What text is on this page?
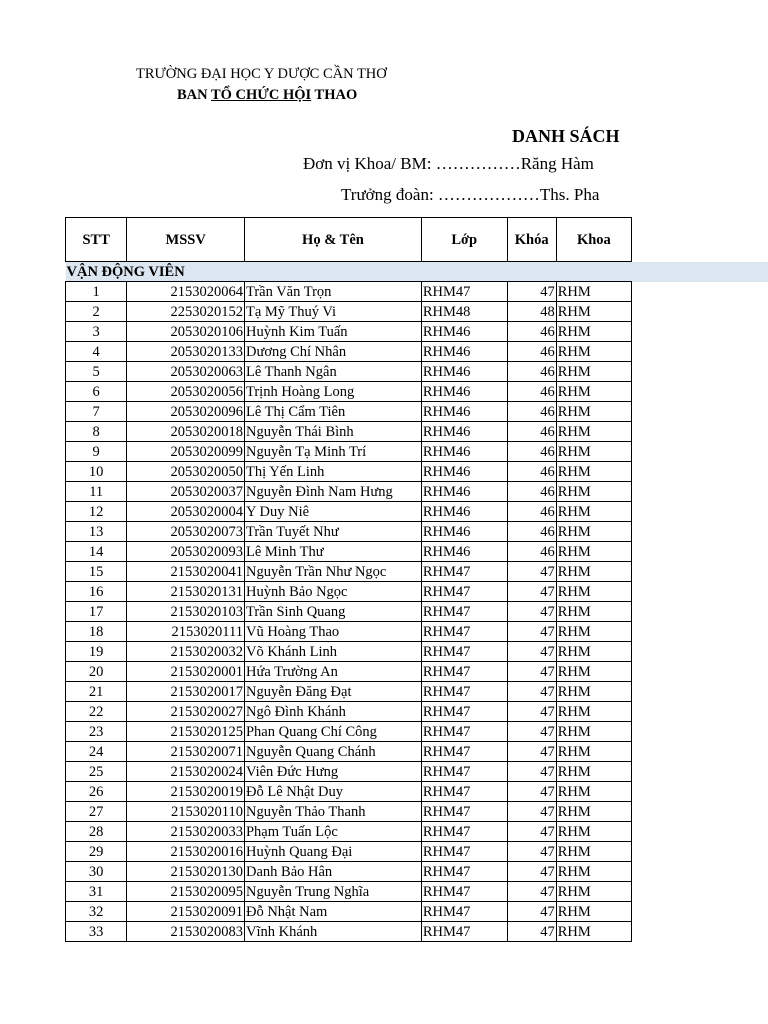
TRƯỜNG ĐẠI HỌC Y DƯỢC CẦN THƠ
BAN TỔ CHỨC HỘI THAO
DANH SÁCH
Đơn vị Khoa/ BM: ……………Răng Hàm
Trưởng đoàn: ………………Ths. Pha
STT	MSSV	Họ & Tên	Lớp	Khóa	Khoa
VẬN ĐỘNG VIÊN					
1	2153020064	Trần Văn Trọn	RHM47	47	RHM
2	2253020152	Tạ Mỹ Thuý Vi	RHM48	48	RHM
3	2053020106	Huỳnh Kim Tuấn	RHM46	46	RHM
4	2053020133	Dương Chí Nhân	RHM46	46	RHM
5	2053020063	Lê Thanh Ngân	RHM46	46	RHM
6	2053020056	Trịnh Hoàng Long	RHM46	46	RHM
7	2053020096	Lê Thị Cẩm Tiên	RHM46	46	RHM
8	2053020018	Nguyễn Thái Bình	RHM46	46	RHM
9	2053020099	Nguyễn Tạ Minh Trí	RHM46	46	RHM
10	2053020050	Thị Yến Linh	RHM46	46	RHM
11	2053020037	Nguyễn Đình Nam Hưng	RHM46	46	RHM
12	2053020004	Y Duy Niê	RHM46	46	RHM
13	2053020073	Trần Tuyết Như	RHM46	46	RHM
14	2053020093	Lê Minh Thư	RHM46	46	RHM
15	2153020041	Nguyễn Trần Như Ngọc	RHM47	47	RHM
16	2153020131	Huỳnh Bảo Ngọc	RHM47	47	RHM
17	2153020103	Trần Sinh Quang	RHM47	47	RHM
18	2153020111	Vũ Hoàng Thao	RHM47	47	RHM
19	2153020032	Võ Khánh Linh	RHM47	47	RHM
20	2153020001	Hứa Trường An	RHM47	47	RHM
21	2153020017	Nguyễn Đăng Đạt	RHM47	47	RHM
22	2153020027	Ngô Đình Khánh	RHM47	47	RHM
23	2153020125	Phan Quang Chí Công	RHM47	47	RHM
24	2153020071	Nguyễn Quang Chánh	RHM47	47	RHM
25	2153020024	Viên Đức Hưng	RHM47	47	RHM
26	2153020019	Đỗ Lê Nhật Duy	RHM47	47	RHM
27	2153020110	Nguyễn Thảo Thanh	RHM47	47	RHM
28	2153020033	Phạm Tuấn Lộc	RHM47	47	RHM
29	2153020016	Huỳnh Quang Đại	RHM47	47	RHM
30	2153020130	Danh Bảo Hân	RHM47	47	RHM
31	2153020095	Nguyễn Trung Nghĩa	RHM47	47	RHM
32	2153020091	Đỗ Nhật Nam	RHM47	47	RHM
33	2153020083	Vĩnh Khánh	RHM47	47	RHM
